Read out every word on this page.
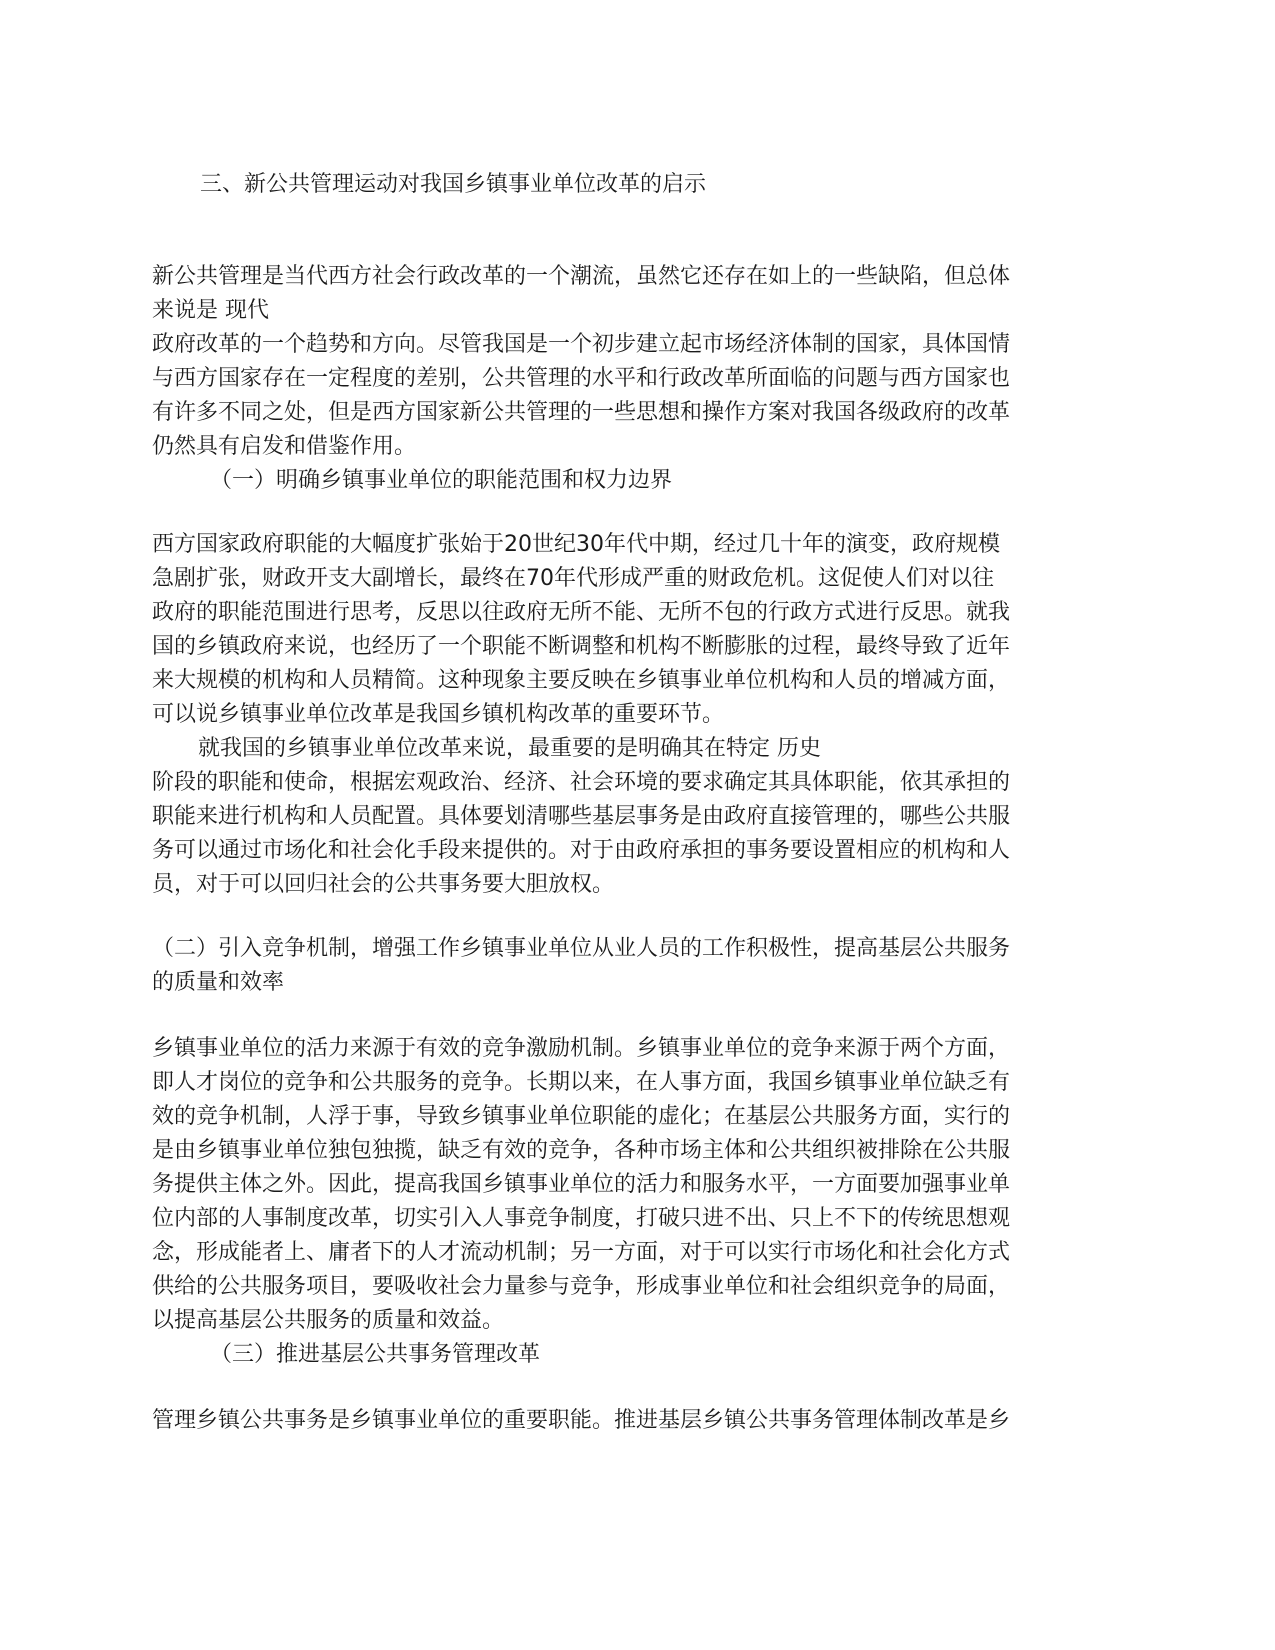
三、新公共管理运动对我国乡镇事业单位改革的启示
新公共管理是当代西方社会行政改革的一个潮流，虽然它还存在如上的一些缺陷，但总体
来说是 现代
政府改革的一个趋势和方向。尽管我国是一个初步建立起市场经济体制的国家，具体国情
与西方国家存在一定程度的差别，公共管理的水平和行政改革所面临的问题与西方国家也
有许多不同之处，但是西方国家新公共管理的一些思想和操作方案对我国各级政府的改革
仍然具有启发和借鉴作用。
（一）明确乡镇事业单位的职能范围和权力边界
西方国家政府职能的大幅度扩张始于20世纪30年代中期，经过几十年的演变，政府规模
急剧扩张，财政开支大副增长，最终在70年代形成严重的财政危机。这促使人们对以往
政府的职能范围进行思考，反思以往政府无所不能、无所不包的行政方式进行反思。就我
国的乡镇政府来说，也经历了一个职能不断调整和机构不断膨胀的过程，最终导致了近年
来大规模的机构和人员精简。这种现象主要反映在乡镇事业单位机构和人员的增减方面，
可以说乡镇事业单位改革是我国乡镇机构改革的重要环节。
就我国的乡镇事业单位改革来说，最重要的是明确其在特定 历史
阶段的职能和使命，根据宏观政治、经济、社会环境的要求确定其具体职能，依其承担的
职能来进行机构和人员配置。具体要划清哪些基层事务是由政府直接管理的，哪些公共服
务可以通过市场化和社会化手段来提供的。对于由政府承担的事务要设置相应的机构和人
员，对于可以回归社会的公共事务要大胆放权。
（二）引入竞争机制，增强工作乡镇事业单位从业人员的工作积极性，提高基层公共服务
的质量和效率
乡镇事业单位的活力来源于有效的竞争激励机制。乡镇事业单位的竞争来源于两个方面，
即人才岗位的竞争和公共服务的竞争。长期以来，在人事方面，我国乡镇事业单位缺乏有
效的竞争机制，人浮于事，导致乡镇事业单位职能的虚化；在基层公共服务方面，实行的
是由乡镇事业单位独包独揽，缺乏有效的竞争，各种市场主体和公共组织被排除在公共服
务提供主体之外。因此，提高我国乡镇事业单位的活力和服务水平，一方面要加强事业单
位内部的人事制度改革，切实引入人事竞争制度，打破只进不出、只上不下的传统思想观
念，形成能者上、庸者下的人才流动机制；另一方面，对于可以实行市场化和社会化方式
供给的公共服务项目，要吸收社会力量参与竞争，形成事业单位和社会组织竞争的局面，
以提高基层公共服务的质量和效益。
（三）推进基层公共事务管理改革
管理乡镇公共事务是乡镇事业单位的重要职能。推进基层乡镇公共事务管理体制改革是乡
